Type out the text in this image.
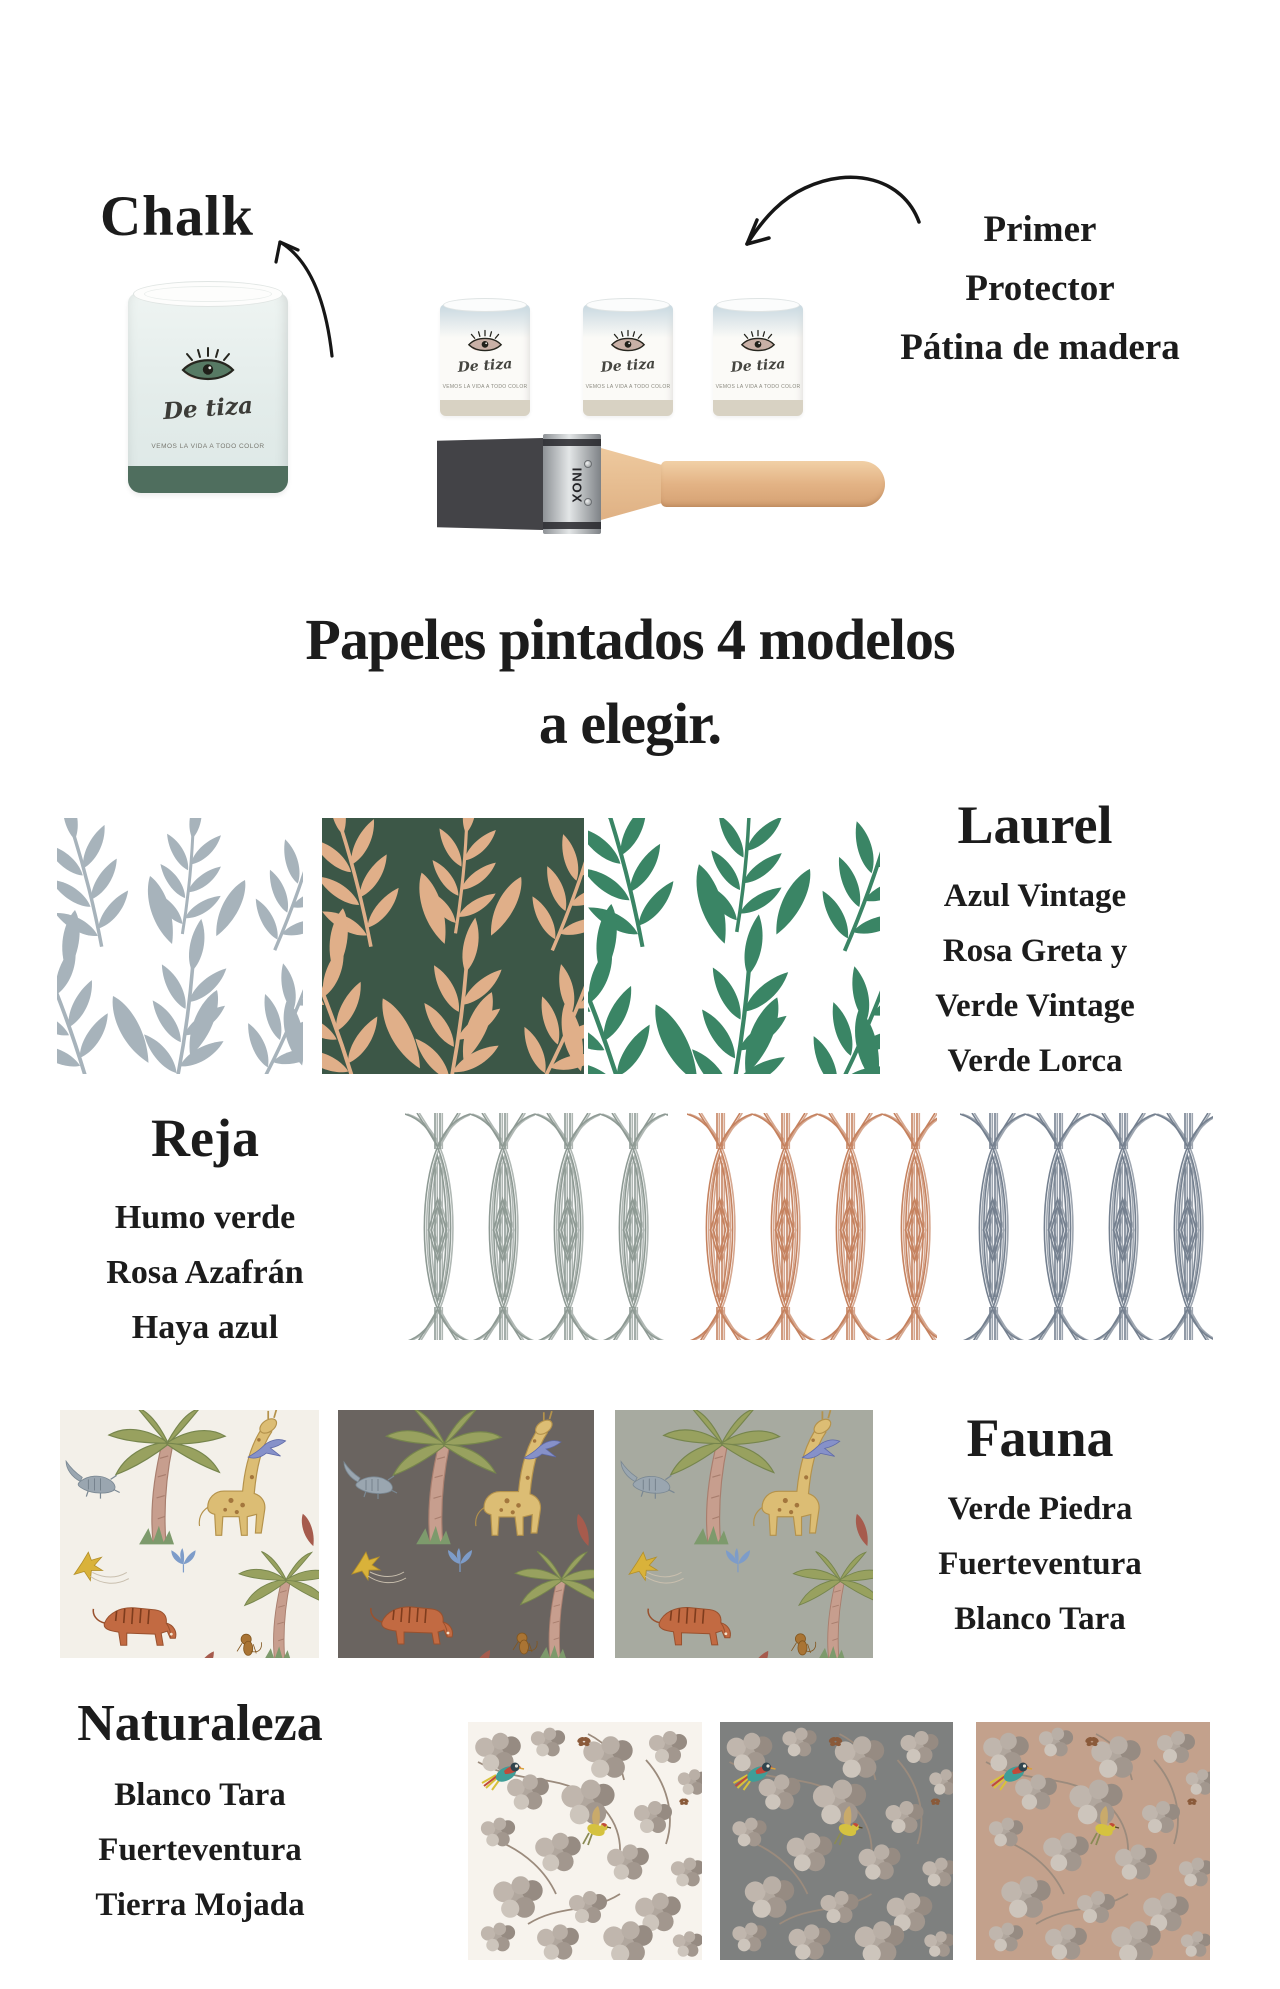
Chalk
De tiza
VEMOS LA VIDA A TODO COLOR
De tiza
VEMOS LA VIDA A TODO COLOR
De tiza
VEMOS LA VIDA A TODO COLOR
De tiza
VEMOS LA VIDA A TODO COLOR
INOX
Primer
Protector
Pátina de madera
Papeles pintados 4 modelos
a elegir.
Laurel
Azul Vintage
Rosa Greta y
Verde Vintage
Verde Lorca
Reja
Humo verde
Rosa Azafrán
Haya azul
Fauna
Verde Piedra
Fuerteventura
Blanco Tara
Naturaleza
Blanco Tara
Fuerteventura
Tierra Mojada
